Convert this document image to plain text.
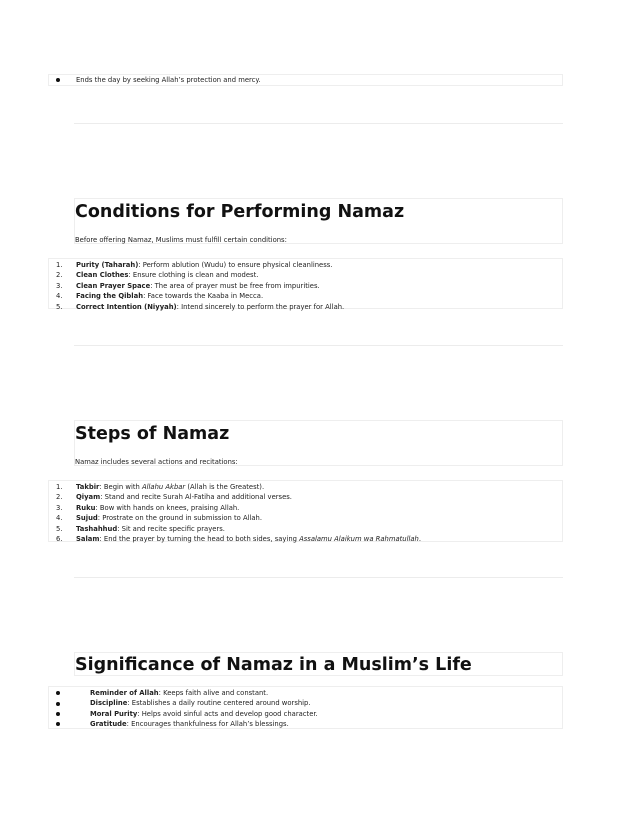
Ends the day by seeking Allah’s protection and mercy.
Conditions for Performing Namaz
Before offering Namaz, Muslims must fulfill certain conditions:
1. Purity (Taharah): Perform ablution (Wudu) to ensure physical cleanliness.
2. Clean Clothes: Ensure clothing is clean and modest.
3. Clean Prayer Space: The area of prayer must be free from impurities.
4. Facing the Qiblah: Face towards the Kaaba in Mecca.
5. Correct Intention (Niyyah): Intend sincerely to perform the prayer for Allah.
Steps of Namaz
Namaz includes several actions and recitations:
1. Takbir: Begin with Allahu Akbar (Allah is the Greatest).
2. Qiyam: Stand and recite Surah Al-Fatiha and additional verses.
3. Ruku: Bow with hands on knees, praising Allah.
4. Sujud: Prostrate on the ground in submission to Allah.
5. Tashahhud: Sit and recite specific prayers.
6. Salam: End the prayer by turning the head to both sides, saying Assalamu Alaikum wa Rahmatullah.
Significance of Namaz in a Muslim’s Life
Reminder of Allah: Keeps faith alive and constant.
Discipline: Establishes a daily routine centered around worship.
Moral Purity: Helps avoid sinful acts and develop good character.
Gratitude: Encourages thankfulness for Allah’s blessings.
